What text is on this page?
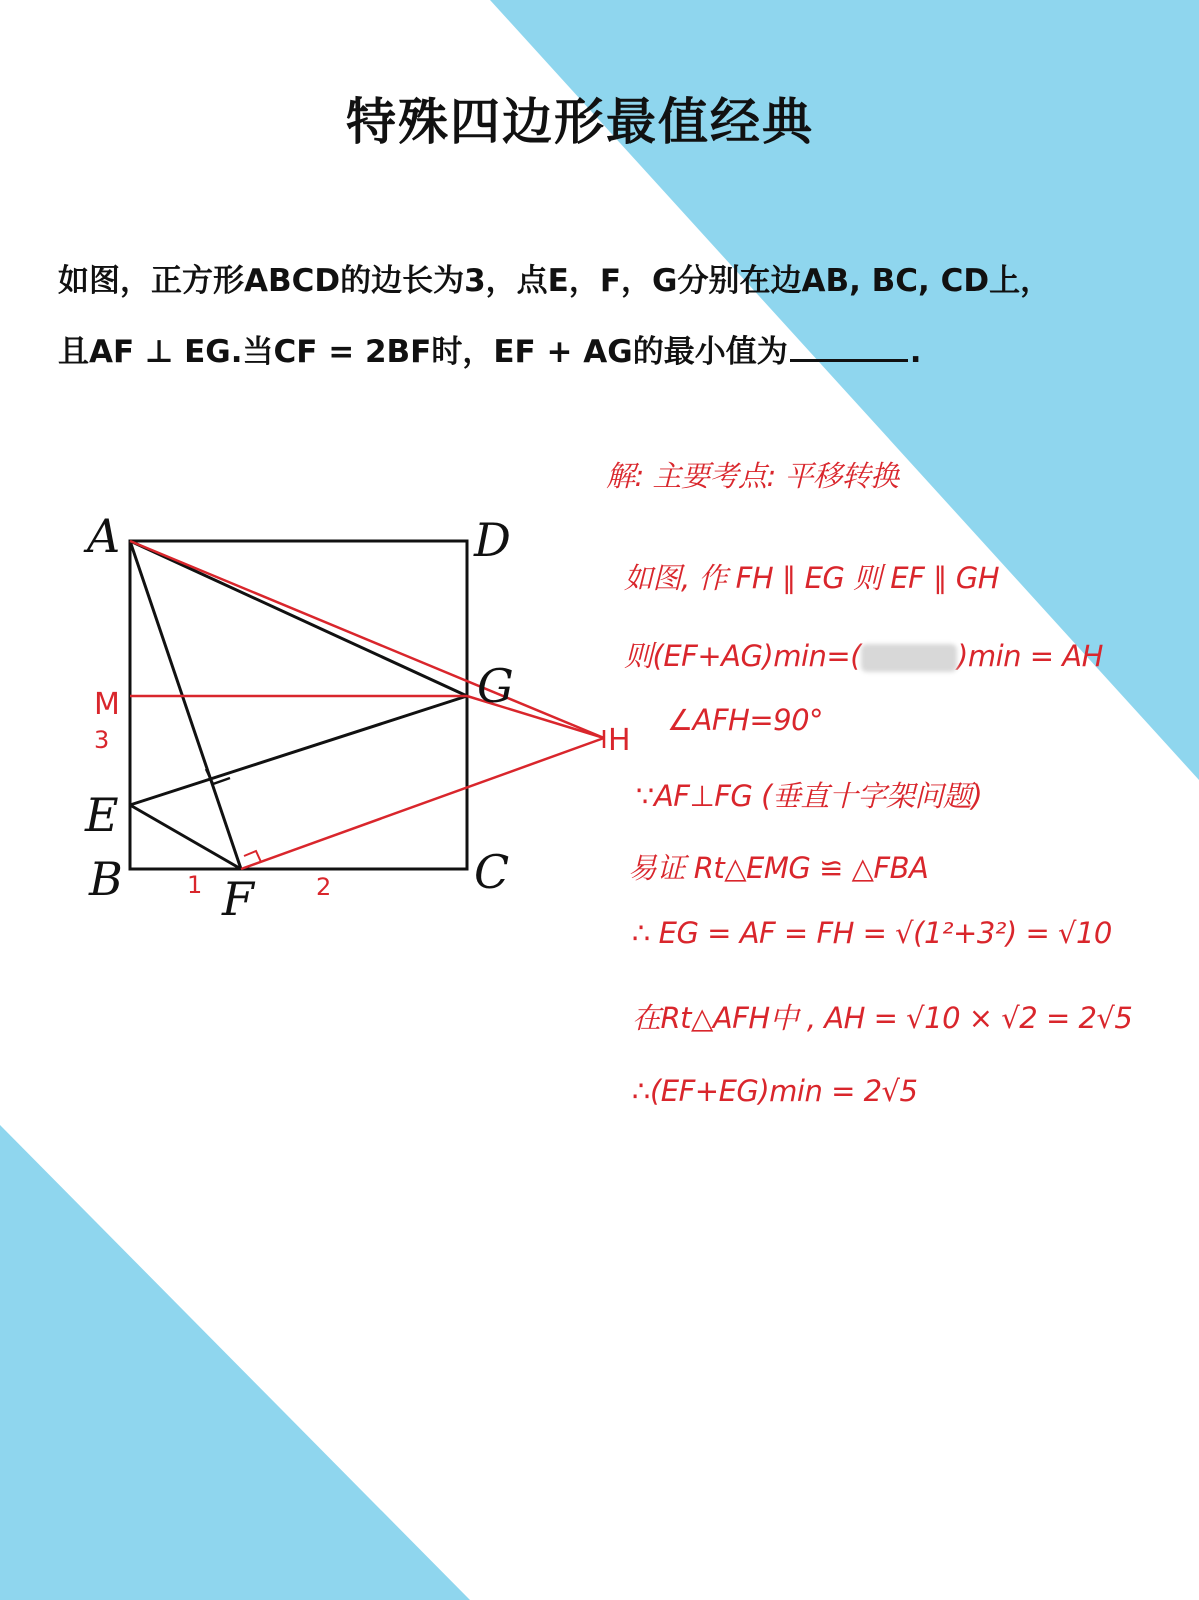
特殊四边形最值经典
如图，正方形ABCD的边长为3，点E，F，G分别在边AB, BC, CD上，
且AF ⊥ EG.当CF = 2BF时，EF + AG的最小值为	.
A	D
G
E
B	C
F
M
H
3
1	2
解: 主要考点: 平移转换
如图, 作 FH ∥ EG 则 EF ∥ GH
则(EF+AG)min=(	)min = AH
∠AFH=90°
∵AF⊥FG (垂直十字架问题)
易证 Rt△EMG ≌ △FBA
∴ EG = AF = FH = √(1²+3²) = √10
在Rt△AFH中 , AH = √10 × √2 = 2√5
∴(EF+EG)min = 2√5
